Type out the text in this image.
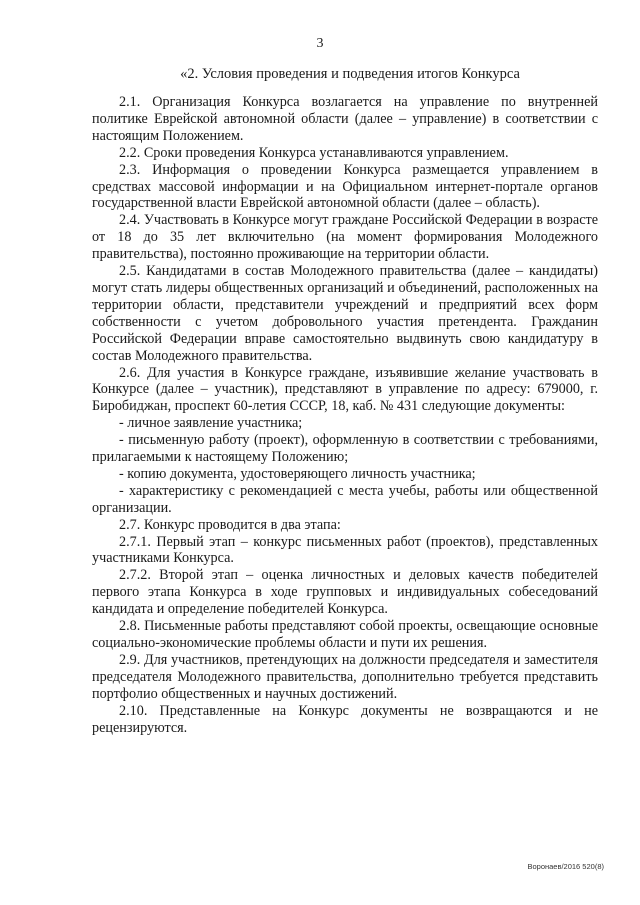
3
«2. Условия проведения и подведения итогов Конкурса

2.1. Организация Конкурса возлагается на управление по внутренней политике Еврейской автономной области (далее – управление) в соответствии с настоящим Положением.

2.2. Сроки проведения Конкурса устанавливаются управлением.

2.3. Информация о проведении Конкурса размещается управлением в средствах массовой информации и на Официальном интернет-портале органов государственной власти Еврейской автономной области (далее – область).

2.4. Участвовать в Конкурсе могут граждане Российской Федерации в возрасте от 18 до 35 лет включительно (на момент формирования Молодежного правительства), постоянно проживающие на территории области.

2.5. Кандидатами в состав Молодежного правительства (далее – кандидаты) могут стать лидеры общественных организаций и объединений, расположенных на территории области, представители учреждений и предприятий всех форм собственности с учетом добровольного участия претендента. Гражданин Российской Федерации вправе самостоятельно выдвинуть свою кандидатуру в состав Молодежного правительства.

2.6. Для участия в Конкурсе граждане, изъявившие желание участвовать в Конкурсе (далее – участник), представляют в управление по адресу: 679000, г. Биробиджан, проспект 60-летия СССР, 18, каб. № 431 следующие документы:

- личное заявление участника;

- письменную работу (проект), оформленную в соответствии с требованиями, прилагаемыми к настоящему Положению;

- копию документа, удостоверяющего личность участника;

- характеристику с рекомендацией с места учебы, работы или общественной организации.

2.7. Конкурс проводится в два этапа:

2.7.1. Первый этап – конкурс письменных работ (проектов), представленных участниками Конкурса.

2.7.2. Второй этап – оценка личностных и деловых качеств победителей первого этапа Конкурса в ходе групповых и индивидуальных собеседований кандидата и определение победителей Конкурса.

2.8. Письменные работы представляют собой проекты, освещающие основные социально-экономические проблемы области и пути их решения.

2.9. Для участников, претендующих на должности председателя и заместителя председателя Молодежного правительства, дополнительно требуется представить портфолио общественных и научных достижений.

2.10. Представленные на Конкурс документы не возвращаются и не рецензируются.

Воронаев/2016 520(8)
